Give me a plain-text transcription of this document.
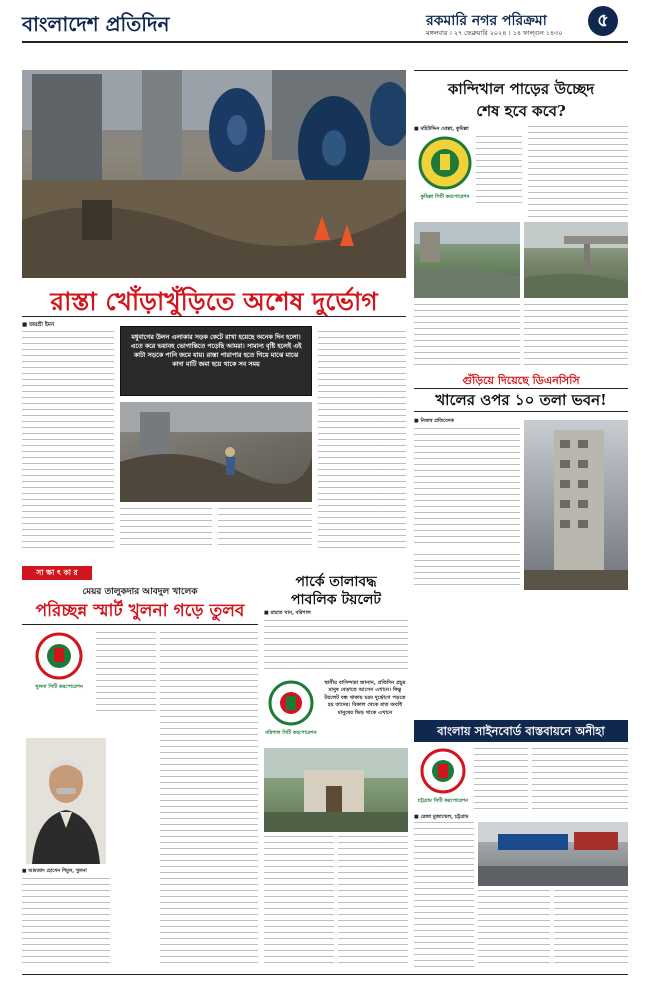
বাংলাদেশ প্রতিদিন	রকমারি নগর পরিক্রমা
মঙ্গলবার । ২৭ ফেব্রুয়ারি ২০২৪ । ১৪ ফাল্গুন ১৪৩০
৫
রাস্তা খোঁড়াখুঁড়িতে অশেষ দুর্ভোগ
■ জয়শ্রী ইমন
মধুবাগের উলন এলাকার সড়ক কেটে রাখা হয়েছে অনেক দিন হলো। এতে করে ভয়াবহ ভোগান্তিতে পড়েছি আমরা। সামান্য বৃষ্টি হলেই এই কাটা সড়কে পানি জমে যায়। রাস্তা পারাপার হতে গিয়ে মাঝে মাঝে কাদা মাটি জমা হয়ে থাকে সব সময়
কান্দিখাল পাড়ের উচ্ছেদ
শেষ হবে কবে?
■ মহিউদ্দিন মোল্লা, কুমিল্লা
কুমিল্লা সিটি করপোরেশন
গুঁড়িয়ে দিয়েছে ডিএনসিসি
খালের ওপর ১০ তলা ভবন!
■ নিজস্ব প্রতিবেদক
সা ক্ষা ৎ কা র
মেয়র তালুকদার আবদুল খালেক
পরিচ্ছন্ন স্মার্ট খুলনা গড়ে তুলব
খুলনা সিটি করপোরেশন
■ আমজাদ হোসেন শিমুল, খুলনা
পার্কে তালাবদ্ধ
পাবলিক টয়লেট
■ রাহাত খান, বরিশাল
বরিশাল সিটি করপোরেশন
স্থানীয় বাসিন্দারা জানান, প্রতিদিন প্রচুর মানুষ বেড়াতে আসেন এখানে। কিন্তু টয়লেট বন্ধ থাকায় চরম দুর্ভোগে পড়তে হয় তাদের। বিকাল থেকে রাত অবধি মানুষের ভিড় থাকে এখানে
বাংলায় সাইনবোর্ড বাস্তবায়নে অনীহা
চট্টগ্রাম সিটি করপোরেশন
■ রেজা মুজাম্মেল, চট্টগ্রাম
